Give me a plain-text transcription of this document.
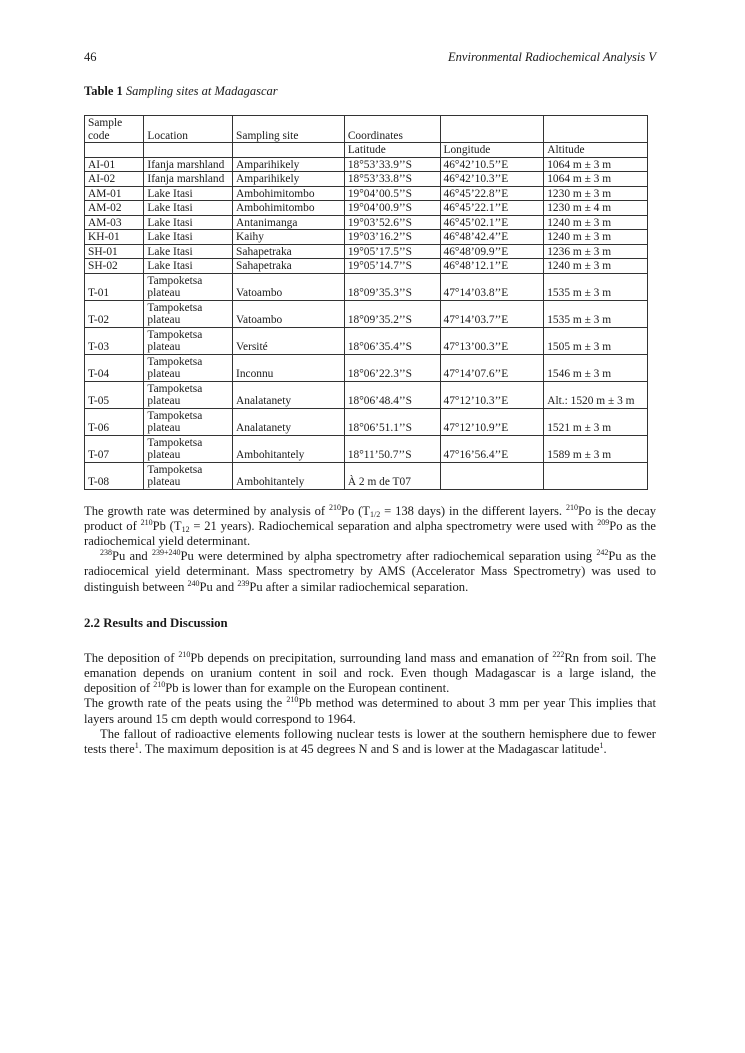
46	Environmental Radiochemical Analysis V
Table 1 Sampling sites at Madagascar
Sample code	Location	Sampling site	Coordinates		
			Latitude	Longitude	Altitude
AI-01	Ifanja marshland	Amparihikely	18°53’33.9’’S	46°42’10.5’’E	1064 m ± 3 m
AI-02	Ifanja marshland	Amparihikely	18°53’33.8’’S	46°42’10.3’’E	1064 m ± 3 m
AM-01	Lake Itasi	Ambohimitombo	19°04’00.5’’S	46°45’22.8’’E	1230 m ± 3 m
AM-02	Lake Itasi	Ambohimitombo	19°04’00.9’’S	46°45’22.1’’E	1230 m ± 4 m
AM-03	Lake Itasi	Antanimanga	19°03’52.6’’S	46°45’02.1’’E	1240 m ± 3 m
KH-01	Lake Itasi	Kaihy	19°03’16.2’’S	46°48’42.4’’E	1240 m ± 3 m
SH-01	Lake Itasi	Sahapetraka	19°05’17.5’’S	46°48’09.9’’E	1236 m ± 3 m
SH-02	Lake Itasi	Sahapetraka	19°05’14.7’’S	46°48’12.1’’E	1240 m ± 3 m
T-01	Tampoketsa plateau	Vatoambo	18°09’35.3’’S	47°14’03.8’’E	1535 m ± 3 m
T-02	Tampoketsa plateau	Vatoambo	18°09’35.2’’S	47°14’03.7’’E	1535 m ± 3 m
T-03	Tampoketsa plateau	Versité	18°06’35.4’’S	47°13’00.3’’E	1505 m ± 3 m
T-04	Tampoketsa plateau	Inconnu	18°06’22.3’’S	47°14’07.6’’E	1546 m ± 3 m
T-05	Tampoketsa plateau	Analatanety	18°06’48.4’’S	47°12’10.3’’E	Alt.: 1520 m ± 3 m
T-06	Tampoketsa plateau	Analatanety	18°06’51.1’’S	47°12’10.9’’E	1521 m ± 3 m
T-07	Tampoketsa plateau	Ambohitantely	18°11’50.7’’S	47°16’56.4’’E	1589 m ± 3 m
T-08	Tampoketsa plateau	Ambohitantely	À 2 m de T07		

The growth rate was determined by analysis of $^{210}$Po ($T_{1/2} = 138$ days) in the different layers. $^{210}$Po is the decay product of $^{210}$Pb ($T_{12} = 21$ years). Radiochemical separation and alpha spectrometry were used with $^{209}$Po as the radiochemical yield determinant.

$^{238}$Pu and $^{239+240}$Pu were determined by alpha spectrometry after radiochemical separation using $^{242}$Pu as the radiocemical yield determinant. Mass spectrometry by AMS (Accelerator Mass Spectrometry) was used to distinguish between $^{240}$Pu and $^{239}$Pu after a similar radiochemical separation.

2.2 Results and Discussion

The deposition of $^{210}$Pb depends on precipitation, surrounding land mass and emanation of $^{222}$Rn from soil. The emanation depends on uranium content in soil and rock. Even though Madagascar is a large island, the deposition of $^{210}$Pb is lower than for example on the European continent.

The growth rate of the peats using the $^{210}$Pb method was determined to about 3 mm per year This implies that layers around 15 cm depth would correspond to 1964.

The fallout of radioactive elements following nuclear tests is lower at the southern hemisphere due to fewer tests there$^1$. The maximum deposition is at 45 degrees N and S and is lower at the Madagascar latitude$^1$.
